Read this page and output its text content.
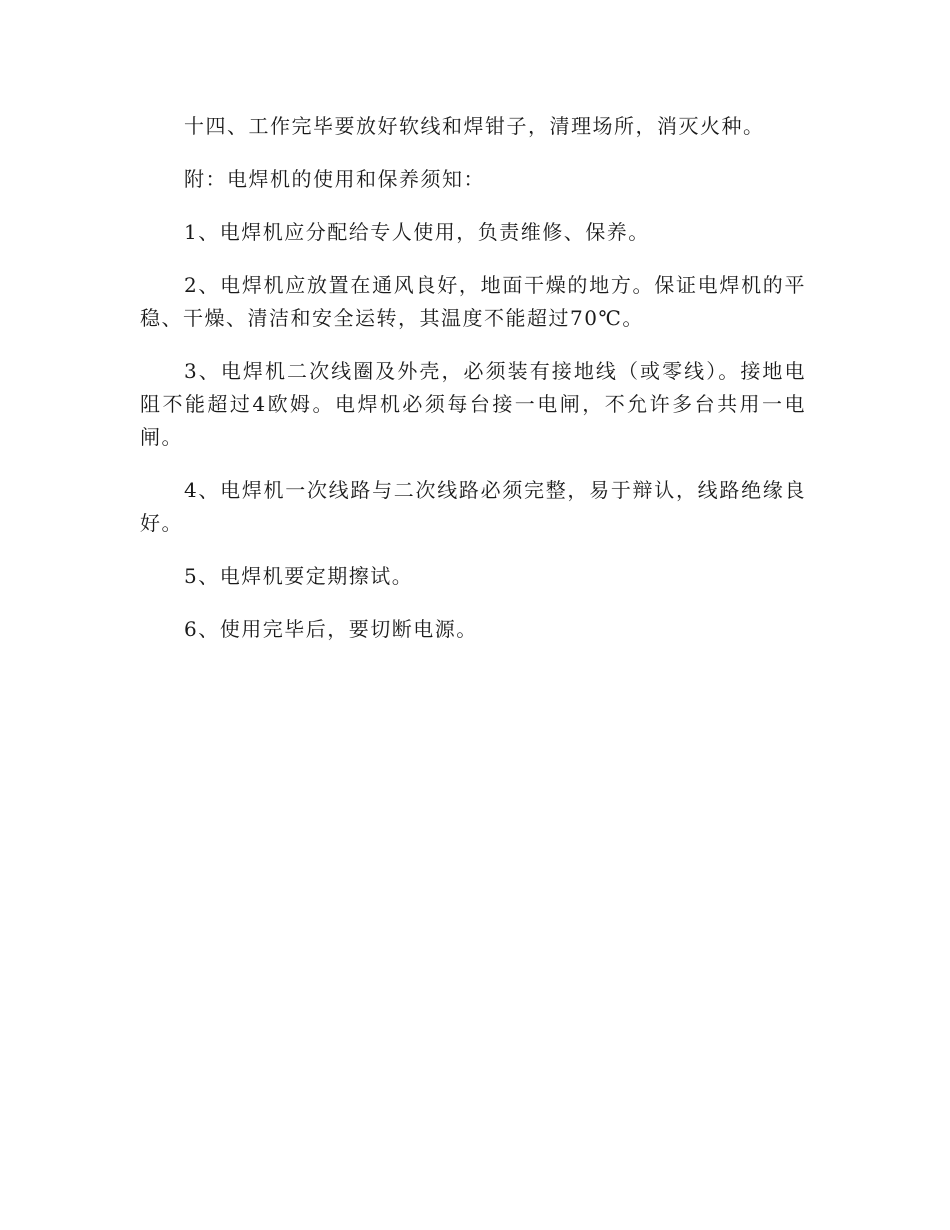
十四、工作完毕要放好软线和焊钳子，清理场所，消灭火种。

附：电焊机的使用和保养须知：

1、电焊机应分配给专人使用，负责维修、保养。

2、电焊机应放置在通风良好，地面干燥的地方。保证电焊机的平稳、干燥、清洁和安全运转，其温度不能超过70℃。

3、电焊机二次线圈及外壳，必须装有接地线（或零线）。接地电阻不能超过4欧姆。电焊机必须每台接一电闸，不允许多台共用一电闸。

4、电焊机一次线路与二次线路必须完整，易于辩认，线路绝缘良好。

5、电焊机要定期擦试。

6、使用完毕后，要切断电源。
